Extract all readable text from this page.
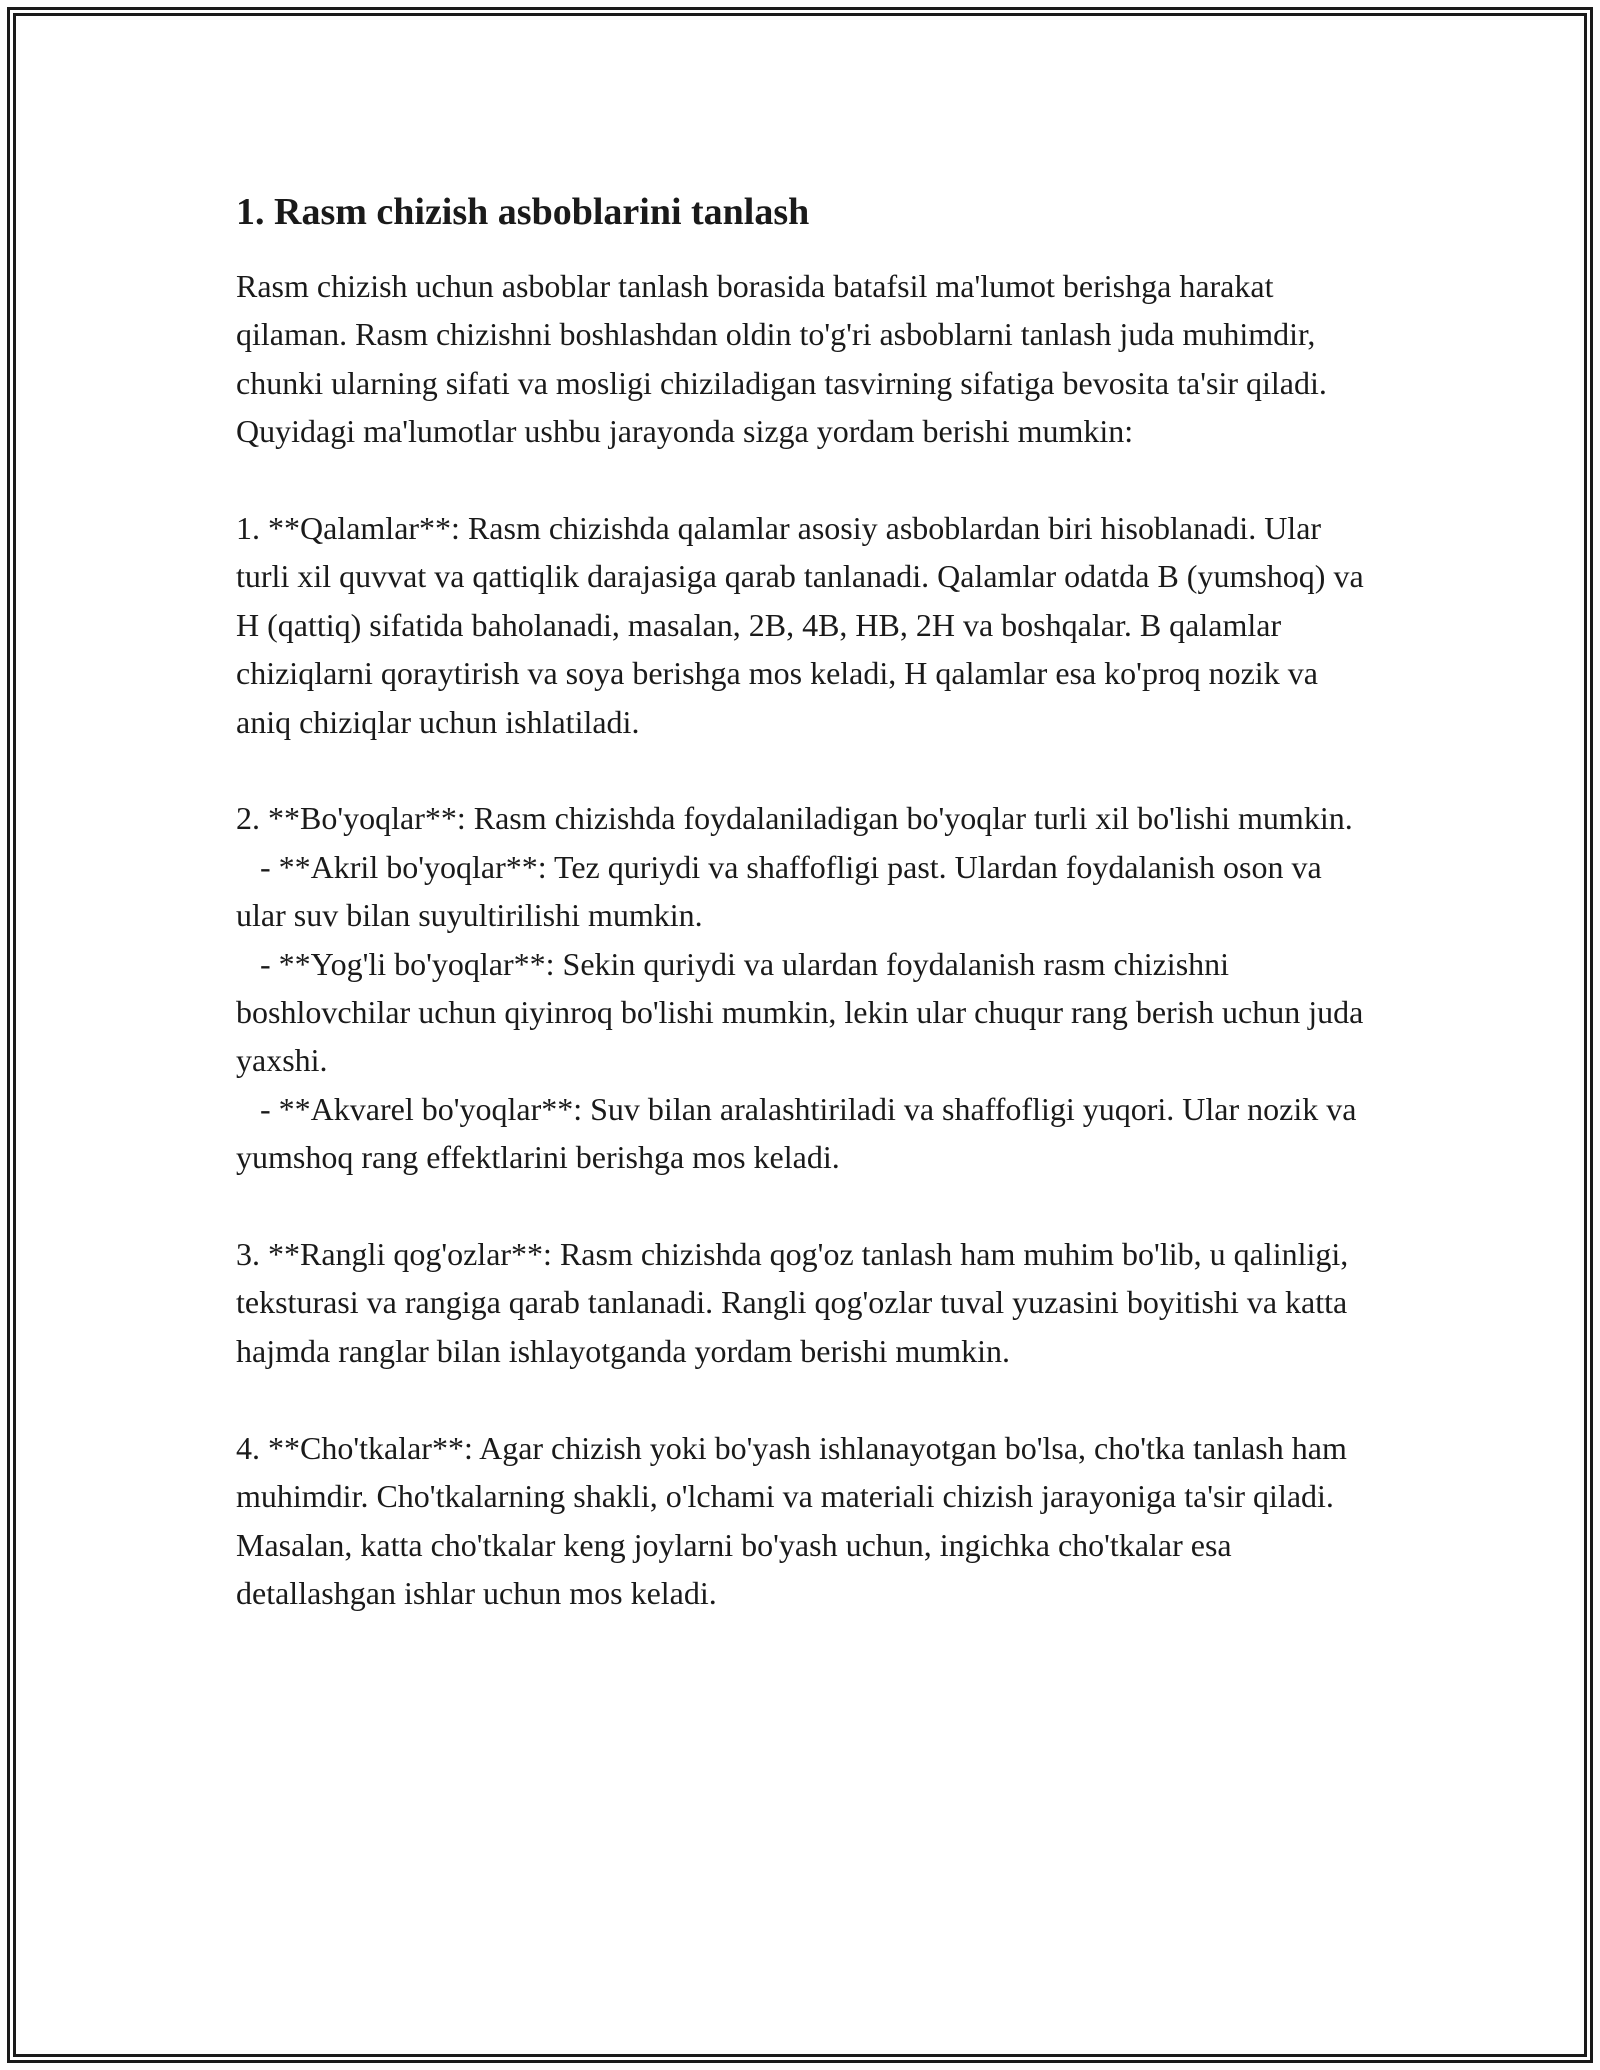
1. Rasm chizish asboblarini tanlash

Rasm chizish uchun asboblar tanlash borasida batafsil ma'lumot berishga harakat qilaman. Rasm chizishni boshlashdan oldin to'g'ri asboblarni tanlash juda muhimdir, chunki ularning sifati va mosligi chiziladigan tasvirning sifatiga bevosita ta'sir qiladi. Quyidagi ma'lumotlar ushbu jarayonda sizga yordam berishi mumkin:

1. **Qalamlar**: Rasm chizishda qalamlar asosiy asboblardan biri hisoblanadi. Ular turli xil quvvat va qattiqlik darajasiga qarab tanlanadi. Qalamlar odatda B (yumshoq) va H (qattiq) sifatida baholanadi, masalan, 2B, 4B, HB, 2H va boshqalar. B qalamlar chiziqlarni qoraytirish va soya berishga mos keladi, H qalamlar esa ko'proq nozik va aniq chiziqlar uchun ishlatiladi.

2. **Bo'yoqlar**: Rasm chizishda foydalaniladigan bo'yoqlar turli xil bo'lishi mumkin.

- **Akril bo'yoqlar**: Tez quriydi va shaffofligi past. Ulardan foydalanish oson va ular suv bilan suyultirilishi mumkin.

- **Yog'li bo'yoqlar**: Sekin quriydi va ulardan foydalanish rasm chizishni boshlovchilar uchun qiyinroq bo'lishi mumkin, lekin ular chuqur rang berish uchun juda yaxshi.

- **Akvarel bo'yoqlar**: Suv bilan aralashtiriladi va shaffofligi yuqori. Ular nozik va yumshoq rang effektlarini berishga mos keladi.

3. **Rangli qog'ozlar**: Rasm chizishda qog'oz tanlash ham muhim bo'lib, u qalinligi, teksturasi va rangiga qarab tanlanadi. Rangli qog'ozlar tuval yuzasini boyitishi va katta hajmda ranglar bilan ishlayotganda yordam berishi mumkin.

4. **Cho'tkalar**: Agar chizish yoki bo'yash ishlanayotgan bo'lsa, cho'tka tanlash ham muhimdir. Cho'tkalarning shakli, o'lchami va materiali chizish jarayoniga ta'sir qiladi. Masalan, katta cho'tkalar keng joylarni bo'yash uchun, ingichka cho'tkalar esa detallashgan ishlar uchun mos keladi.
